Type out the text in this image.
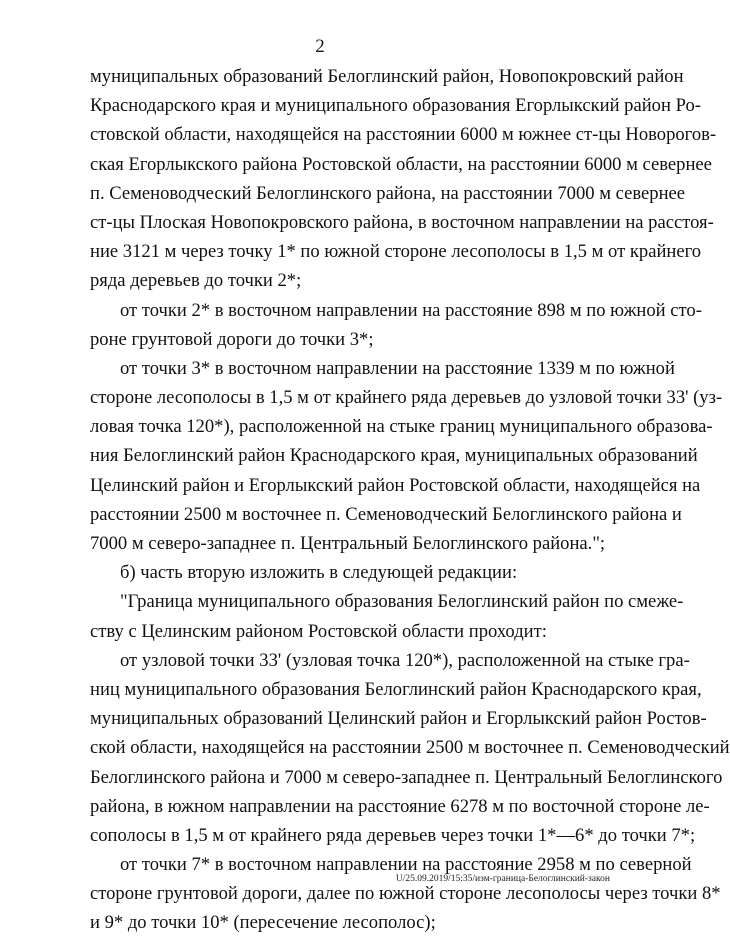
2
муниципальных образований Белоглинский район, Новопокровский район
Краснодарского края и муниципального образования Егорлыкский район Ро-
стовской области, находящейся на расстоянии 6000 м южнее ст-цы Новорогов-
ская Егорлыкского района Ростовской области, на расстоянии 6000 м севернее
п. Семеноводческий Белоглинского района, на расстоянии 7000 м севернее
ст-цы Плоская Новопокровского района, в восточном направлении на расстоя-
ние 3121 м через точку 1* по южной стороне лесополосы в 1,5 м от крайнего
ряда деревьев до точки 2*;
от точки 2* в восточном направлении на расстояние 898 м по южной сто-
роне грунтовой дороги до точки 3*;
от точки 3* в восточном направлении на расстояние 1339 м по южной
стороне лесополосы в 1,5 м от крайнего ряда деревьев до узловой точки 33' (уз-
ловая точка 120*), расположенной на стыке границ муниципального образова-
ния Белоглинский район Краснодарского края, муниципальных образований
Целинский район и Егорлыкский район Ростовской области, находящейся на
расстоянии 2500 м восточнее п. Семеноводческий Белоглинского района и
7000 м северо-западнее п. Центральный Белоглинского района.";
б) часть вторую изложить в следующей редакции:
"Граница муниципального образования Белоглинский район по смеже-
ству с Целинским районом Ростовской области проходит:
от узловой точки 33' (узловая точка 120*), расположенной на стыке гра-
ниц муниципального образования Белоглинский район Краснодарского края,
муниципальных образований Целинский район и Егорлыкский район Ростов-
ской области, находящейся на расстоянии 2500 м восточнее п. Семеноводческий
Белоглинского района и 7000 м северо-западнее п. Центральный Белоглинского
района, в южном направлении на расстояние 6278 м по восточной стороне ле-
сополосы в 1,5 м от крайнего ряда деревьев через точки 1*—6* до точки 7*;
от точки 7* в восточном направлении на расстояние 2958 м по северной
стороне грунтовой дороги, далее по южной стороне лесополосы через точки 8*
и 9* до точки 10* (пересечение лесополос);
U/25.09.2019/15:35/изм-граница-Белоглинский-закон
